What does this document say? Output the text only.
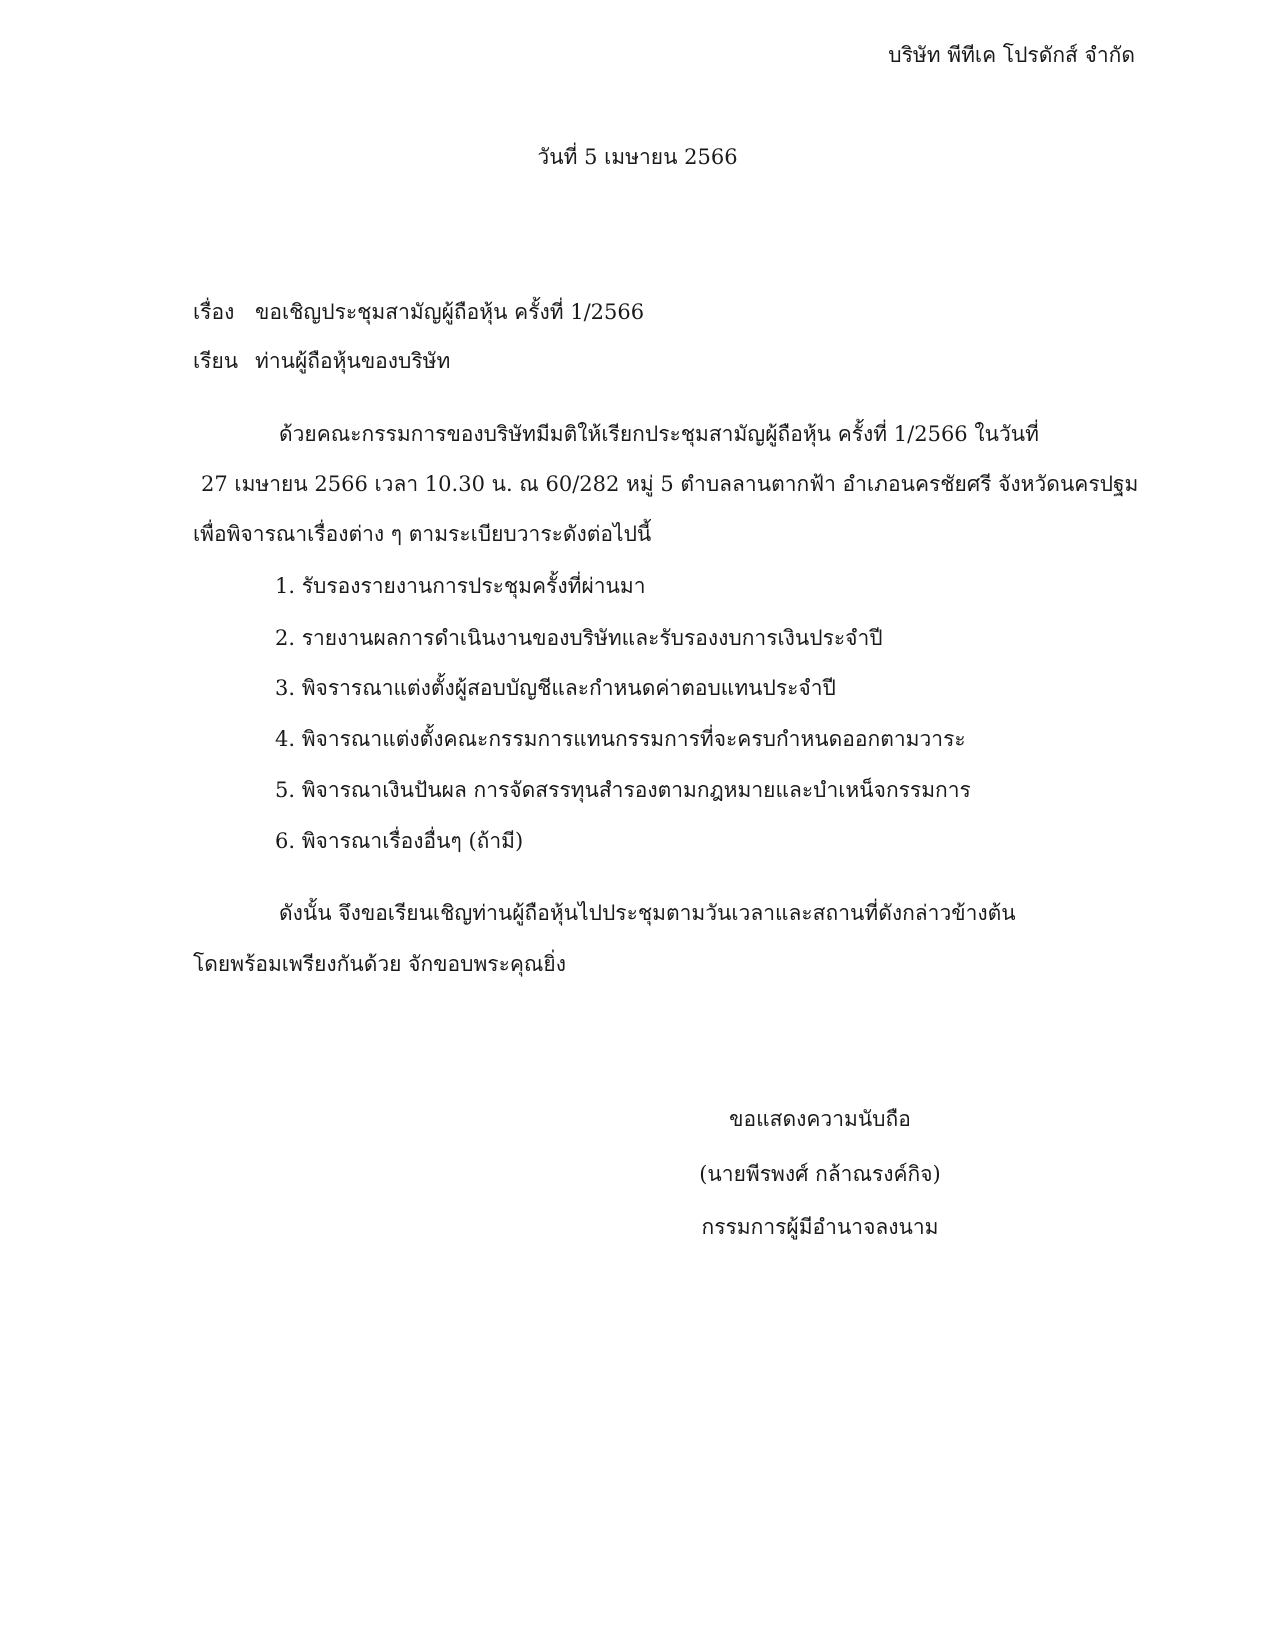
บริษัท พีทีเค โปรดักส์ จำกัด
วันที่ 5 เมษายน 2566
เรื่อง ขอเชิญประชุมสามัญผู้ถือหุ้น ครั้งที่ 1/2566
เรียน ท่านผู้ถือหุ้นของบริษัท
ด้วยคณะกรรมการของบริษัทมีมติให้เรียกประชุมสามัญผู้ถือหุ้น ครั้งที่ 1/2566 ในวันที่
27 เมษายน 2566 เวลา 10.30 น. ณ 60/282 หมู่ 5 ตำบลลานตากฟ้า อำเภอนครชัยศรี จังหวัดนครปฐม
เพื่อพิจารณาเรื่องต่าง ๆ ตามระเบียบวาระดังต่อไปนี้
1. รับรองรายงานการประชุมครั้งที่ผ่านมา
2. รายงานผลการดำเนินงานของบริษัทและรับรองงบการเงินประจำปี
3. พิจรารณาแต่งตั้งผู้สอบบัญชีและกำหนดค่าตอบแทนประจำปี
4. พิจารณาแต่งตั้งคณะกรรมการแทนกรรมการที่จะครบกำหนดออกตามวาระ
5. พิจารณาเงินปันผล การจัดสรรทุนสำรองตามกฎหมายและบำเหน็จกรรมการ
6. พิจารณาเรื่องอื่นๆ (ถ้ามี)
ดังนั้น จึงขอเรียนเชิญท่านผู้ถือหุ้นไปประชุมตามวันเวลาและสถานที่ดังกล่าวข้างต้น
โดยพร้อมเพรียงกันด้วย จักขอบพระคุณยิ่ง
ขอแสดงความนับถือ
(นายพีรพงศ์ กล้าณรงค์กิจ)
กรรมการผู้มีอำนาจลงนาม
